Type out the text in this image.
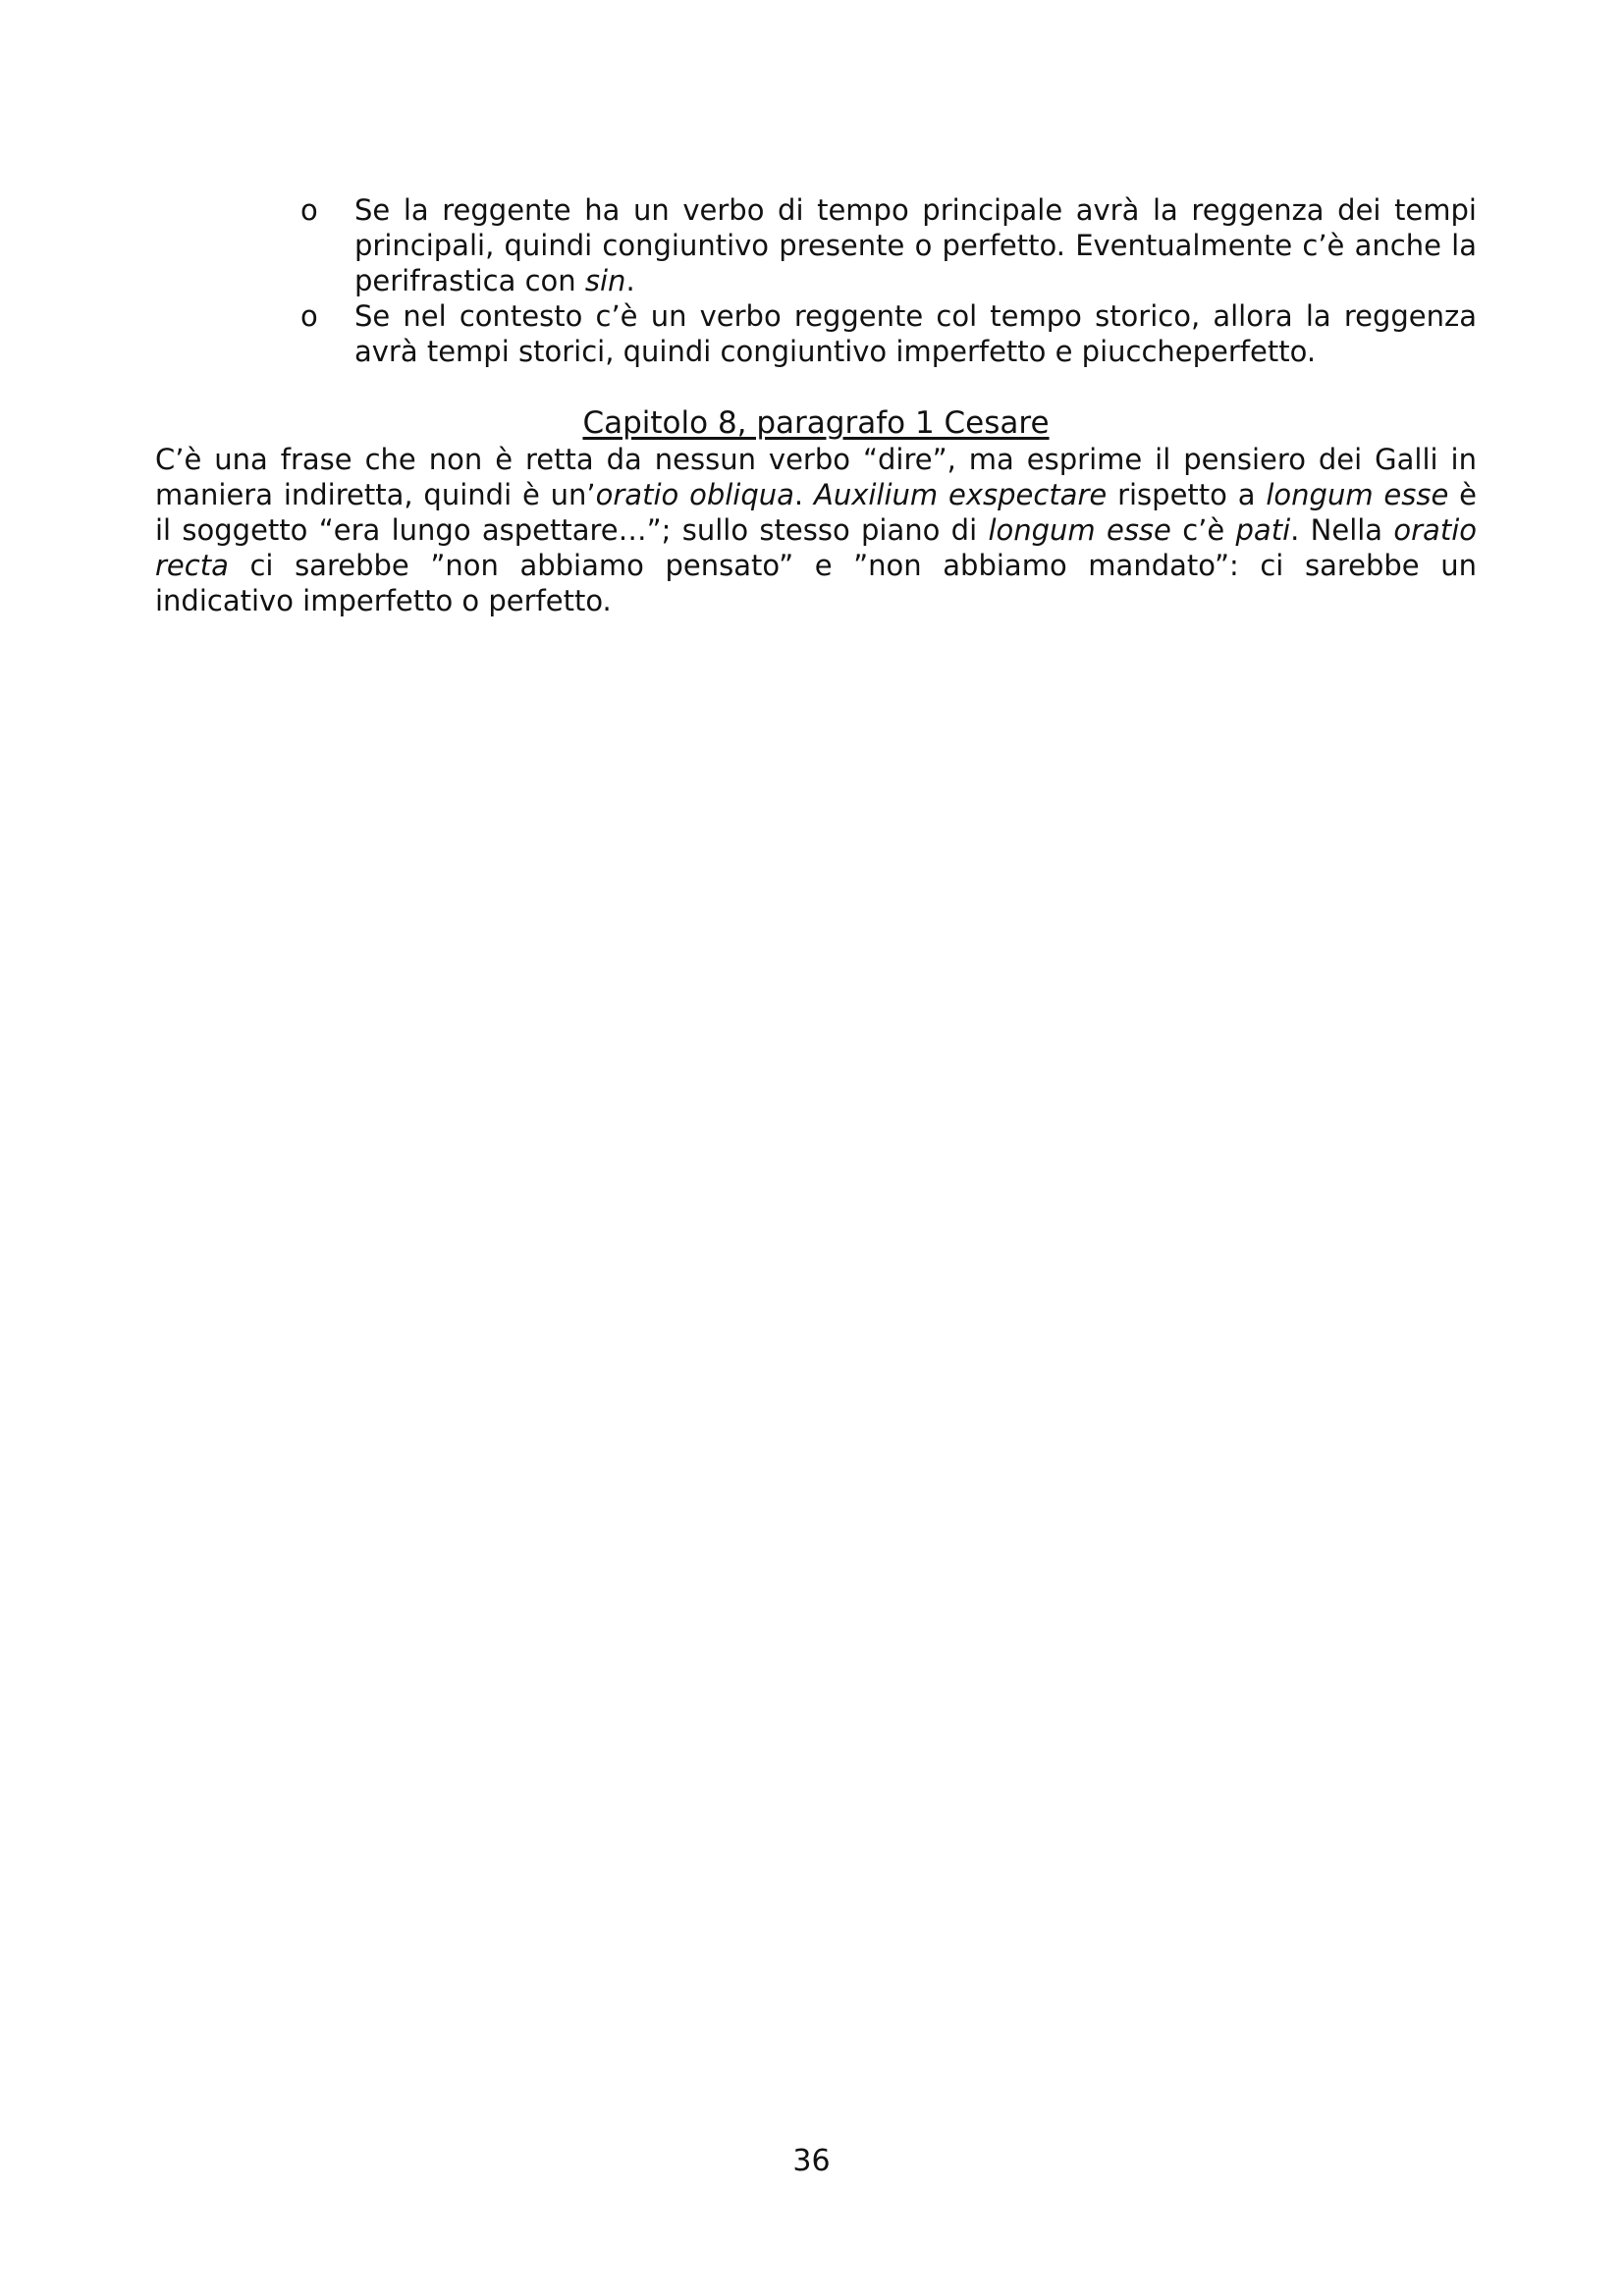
o Se la reggente ha un verbo di tempo principale avrà la reggenza dei tempi principali, quindi congiuntivo presente o perfetto. Eventualmente c’è anche la perifrastica con sin.
o Se nel contesto c’è un verbo reggente col tempo storico, allora la reggenza avrà tempi storici, quindi congiuntivo imperfetto e piuccheperfetto.
Capitolo 8, paragrafo 1 Cesare

C’è una frase che non è retta da nessun verbo “dire”, ma esprime il pensiero dei Galli in maniera indiretta, quindi è un’oratio obliqua. Auxilium exspectare rispetto a longum esse è il soggetto “era lungo aspettare…”; sullo stesso piano di longum esse c’è pati. Nella oratio recta ci sarebbe ”non abbiamo pensato” e ”non abbiamo mandato”: ci sarebbe un indicativo imperfetto o perfetto.

36
